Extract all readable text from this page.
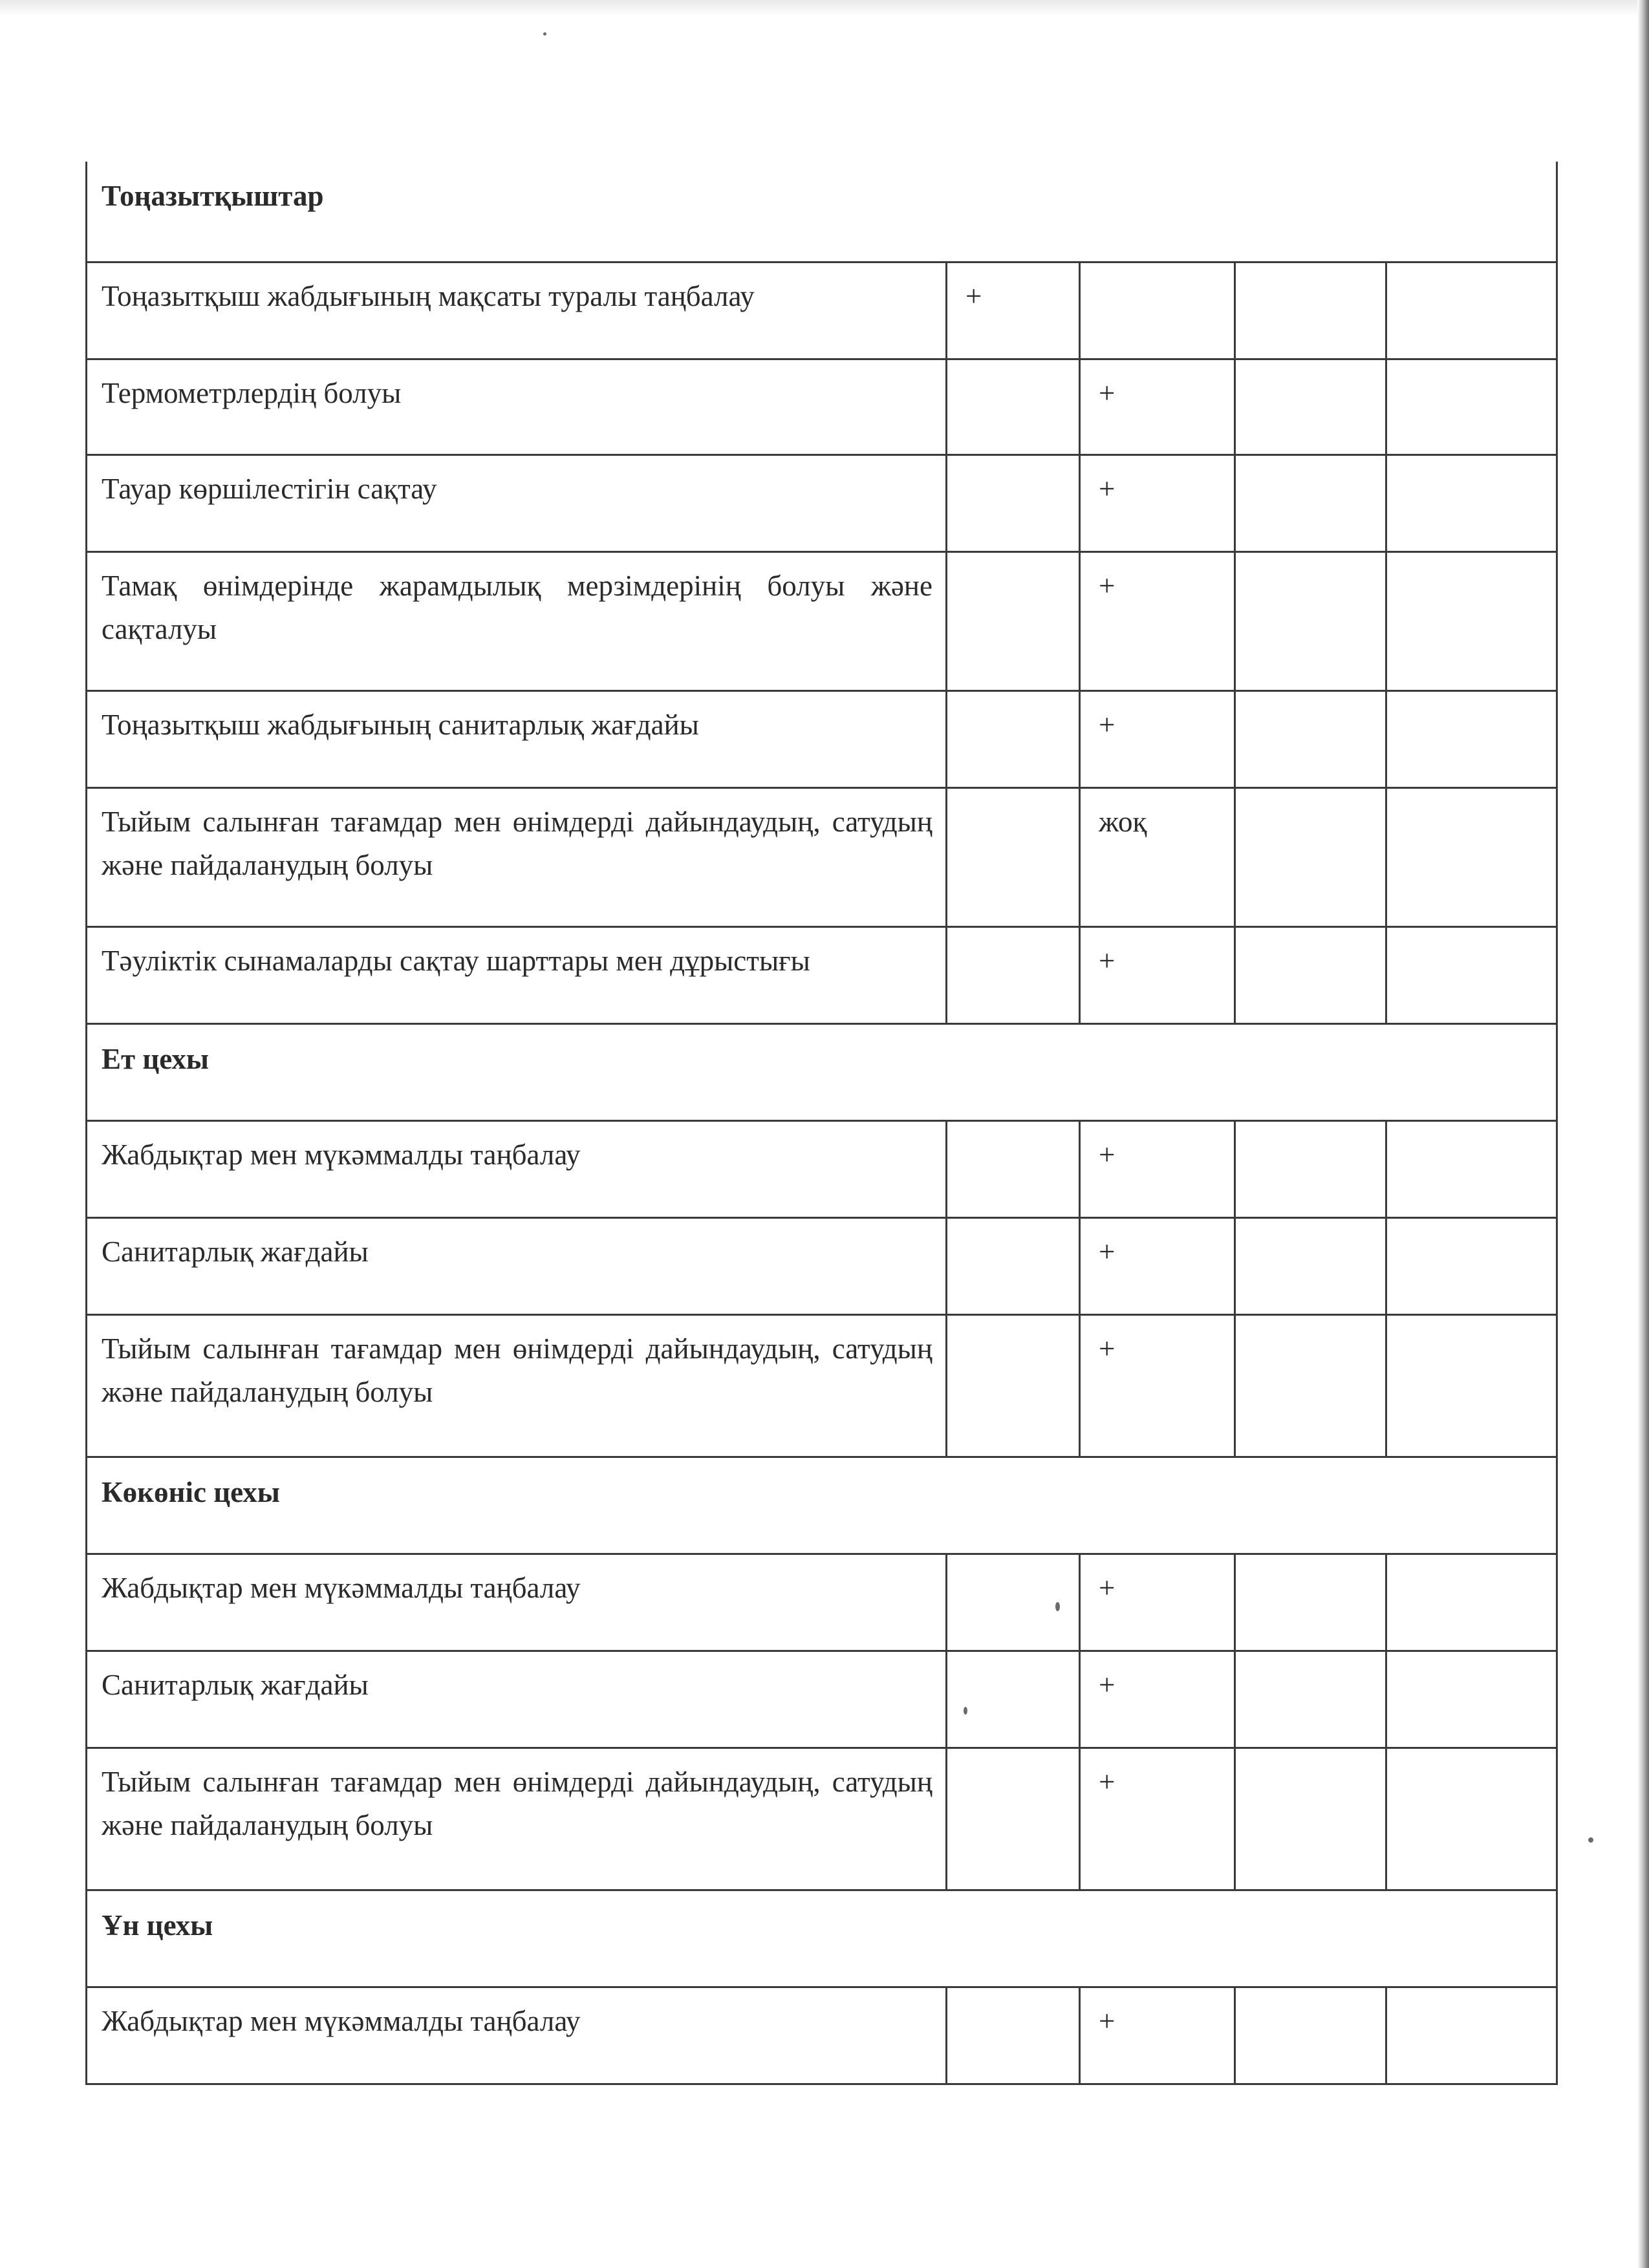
Тоңазытқыштар				
Тоңазытқыш жабдығының мақсаты туралы таңбалау	+			
Термометрлердің болуы		+		
Тауар көршілестігін сақтау		+		
Тамақ өнімдерінде жарамдылық мерзімдерінің болуы және сақталуы		+		
Тоңазытқыш жабдығының санитарлық жағдайы		+		
Тыйым салынған тағамдар мен өнімдерді дайындаудың, сатудың және пайдаланудың болуы		жоқ		
Тәуліктік сынамаларды сақтау шарттары мен дұрыстығы		+		
Ет цехы				
Жабдықтар мен мүкәммалды таңбалау		+		
Санитарлық жағдайы		+		
Тыйым салынған тағамдар мен өнімдерді дайындаудың, сатудың және пайдаланудың болуы		+		
Көкөніс цехы				
Жабдықтар мен мүкәммалды таңбалау		+		
Санитарлық жағдайы		+		
Тыйым салынған тағамдар мен өнімдерді дайындаудың, сатудың және пайдаланудың болуы		+		
Ұн цехы				
Жабдықтар мен мүкәммалды таңбалау		+		
